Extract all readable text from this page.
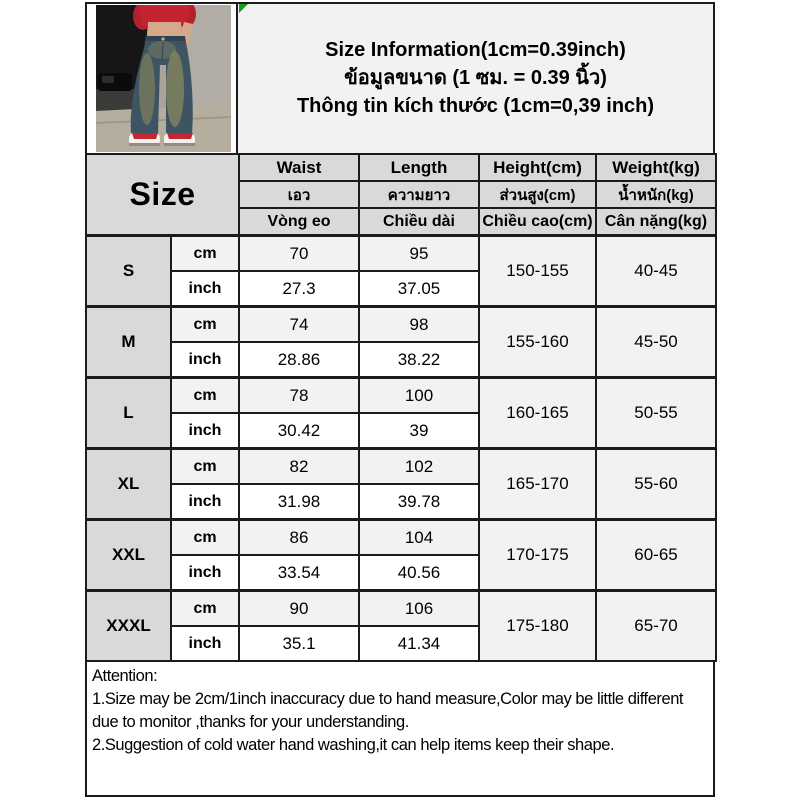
Size Information(1cm=0.39inch)
ข้อมูลขนาด (1 ซม. = 0.39 นิ้ว)
Thông tin kích thước (1cm=0,39 inch)
Size		Waist	Length	Height(cm)	Weight(kg)
		เอว	ความยาว	ส่วนสูง(cm)	น้ำหนัก(kg)
		Vòng eo	Chiều dài	Chiều cao(cm)	Cân nặng(kg)
S	cm	70	95	150-155	40-45
	inch	27.3	37.05		
M	cm	74	98	155-160	45-50
	inch	28.86	38.22		
L	cm	78	100	160-165	50-55
	inch	30.42	39		
XL	cm	82	102	165-170	55-60
	inch	31.98	39.78		
XXL	cm	86	104	170-175	60-65
	inch	33.54	40.56		
XXXL	cm	90	106	175-180	65-70
	inch	35.1	41.34		
Attention:
1.Size may be 2cm/1inch inaccuracy due to hand measure,Color may be little different
due to monitor ,thanks for your understanding.
2.Suggestion of cold water hand washing,it can help items keep their shape.
